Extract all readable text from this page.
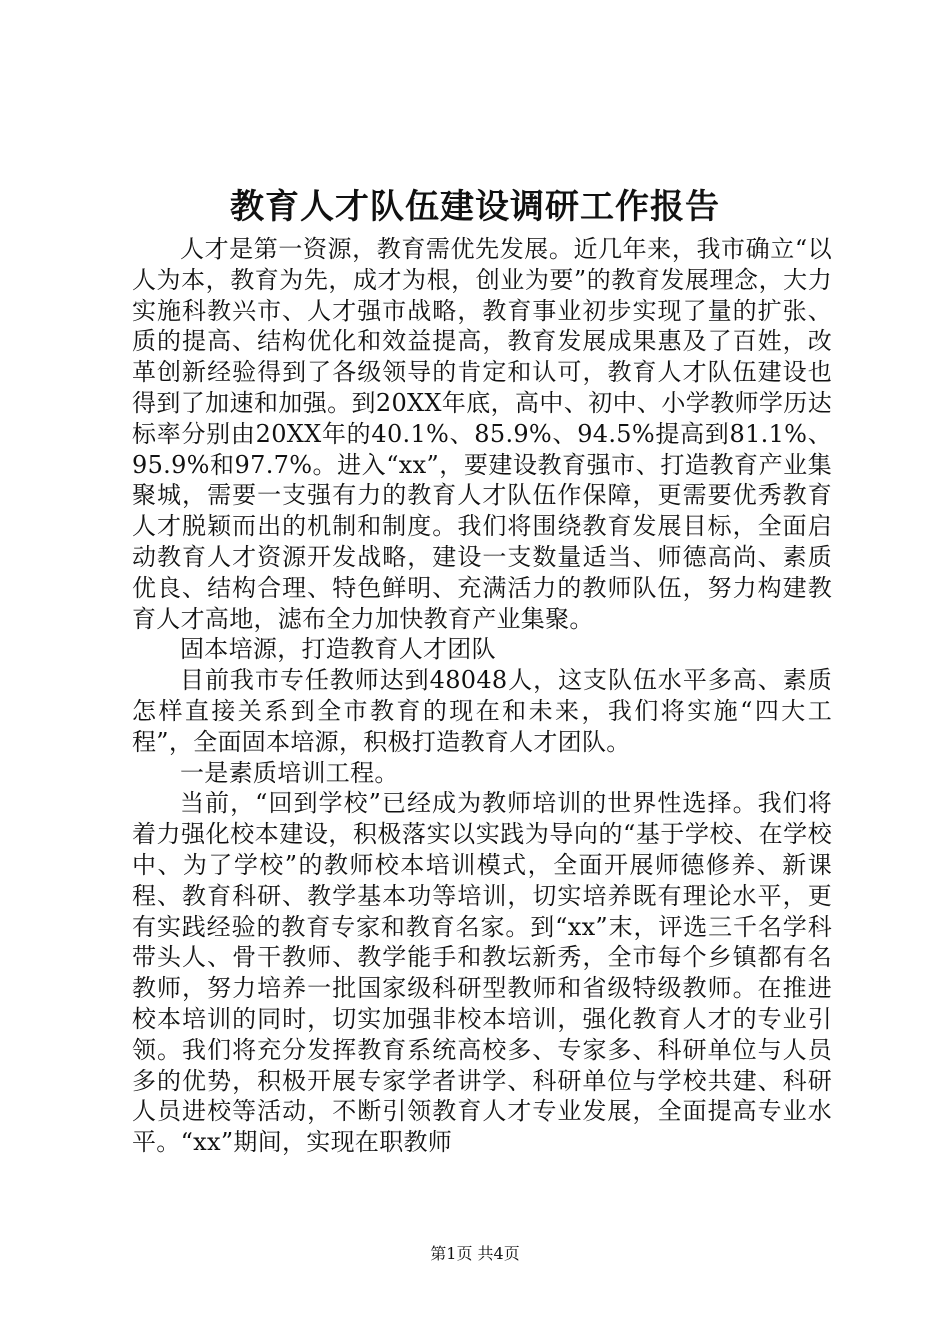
教育人才队伍建设调研工作报告

人才是第一资源，教育需优先发展。近几年来，我市确立“以人为本，教育为先，成才为根，创业为要”的教育发展理念，大力实施科教兴市、人才强市战略，教育事业初步实现了量的扩张、质的提高、结构优化和效益提高，教育发展成果惠及了百姓，改革创新经验得到了各级领导的肯定和认可，教育人才队伍建设也得到了加速和加强。到20XX年底，高中、初中、小学教师学历达标率分别由20XX年的40.1%、85.9%、94.5%提高到81.1%、95.9%和97.7%。进入“xx”，要建设教育强市、打造教育产业集聚城，需要一支强有力的教育人才队伍作保障，更需要优秀教育人才脱颖而出的机制和制度。我们将围绕教育发展目标，全面启动教育人才资源开发战略，建设一支数量适当、师德高尚、素质优良、结构合理、特色鲜明、充满活力的教师队伍，努力构建教育人才高地，滤布全力加快教育产业集聚。

固本培源，打造教育人才团队

目前我市专任教师达到48048人，这支队伍水平多高、素质怎样直接关系到全市教育的现在和未来，我们将实施“四大工程”，全面固本培源，积极打造教育人才团队。

一是素质培训工程。

当前，“回到学校”已经成为教师培训的世界性选择。我们将着力强化校本建设，积极落实以实践为导向的“基于学校、在学校中、为了学校”的教师校本培训模式，全面开展师德修养、新课程、教育科研、教学基本功等培训，切实培养既有理论水平，更有实践经验的教育专家和教育名家。到“xx”末，评选三千名学科带头人、骨干教师、教学能手和教坛新秀，全市每个乡镇都有名教师，努力培养一批国家级科研型教师和省级特级教师。在推进校本培训的同时，切实加强非校本培训，强化教育人才的专业引领。我们将充分发挥教育系统高校多、专家多、科研单位与人员多的优势，积极开展专家学者讲学、科研单位与学校共建、科研人员进校等活动，不断引领教育人才专业发展，全面提高专业水平。“xx”期间，实现在职教师

第1页 共4页
